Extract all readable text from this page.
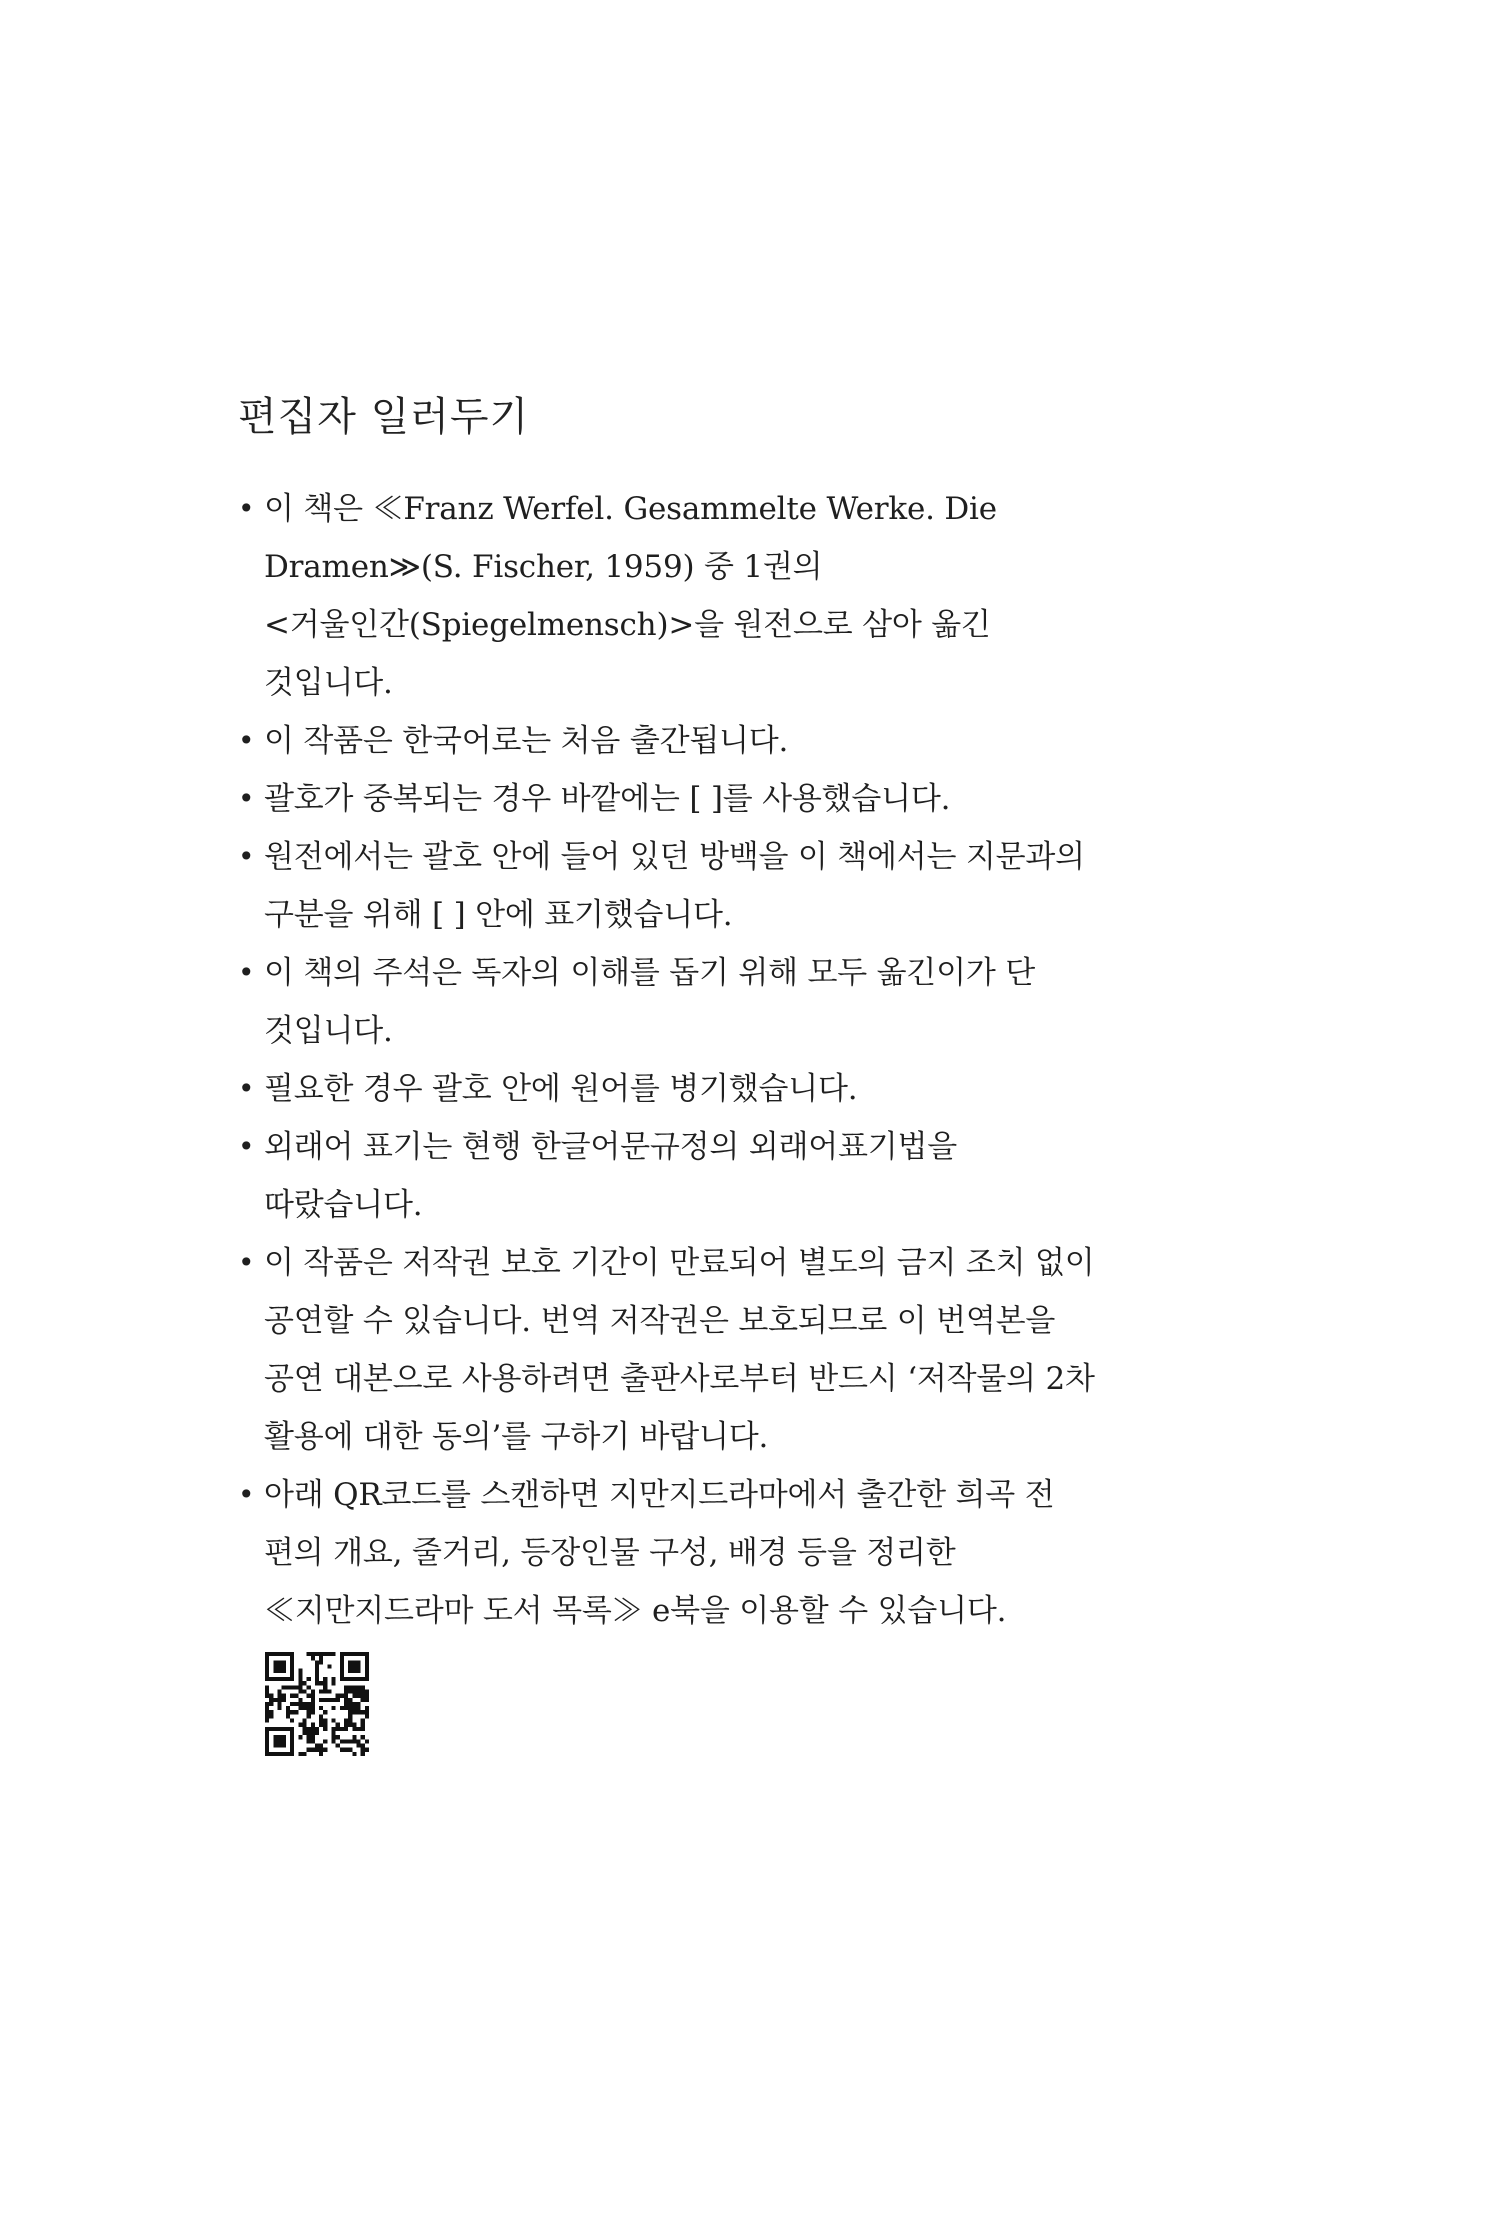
편집자 일러두기
• 이 책은 ≪Franz Werfel. Gesammelte Werke. Die
Dramen≫(S. Fischer, 1959) 중 1권의
<거울인간(Spiegelmensch)>을 원전으로 삼아 옮긴
것입니다.
• 이 작품은 한국어로는 처음 출간됩니다.
• 괄호가 중복되는 경우 바깥에는 [ ]를 사용했습니다.
• 원전에서는 괄호 안에 들어 있던 방백을 이 책에서는 지문과의
구분을 위해 [ ] 안에 표기했습니다.
• 이 책의 주석은 독자의 이해를 돕기 위해 모두 옮긴이가 단
것입니다.
• 필요한 경우 괄호 안에 원어를 병기했습니다.
• 외래어 표기는 현행 한글어문규정의 외래어표기법을
따랐습니다.
• 이 작품은 저작권 보호 기간이 만료되어 별도의 금지 조치 없이
공연할 수 있습니다. 번역 저작권은 보호되므로 이 번역본을
공연 대본으로 사용하려면 출판사로부터 반드시 ‘저작물의 2차
활용에 대한 동의’를 구하기 바랍니다.
• 아래 QR코드를 스캔하면 지만지드라마에서 출간한 희곡 전
편의 개요, 줄거리, 등장인물 구성, 배경 등을 정리한
≪지만지드라마 도서 목록≫ e북을 이용할 수 있습니다.
